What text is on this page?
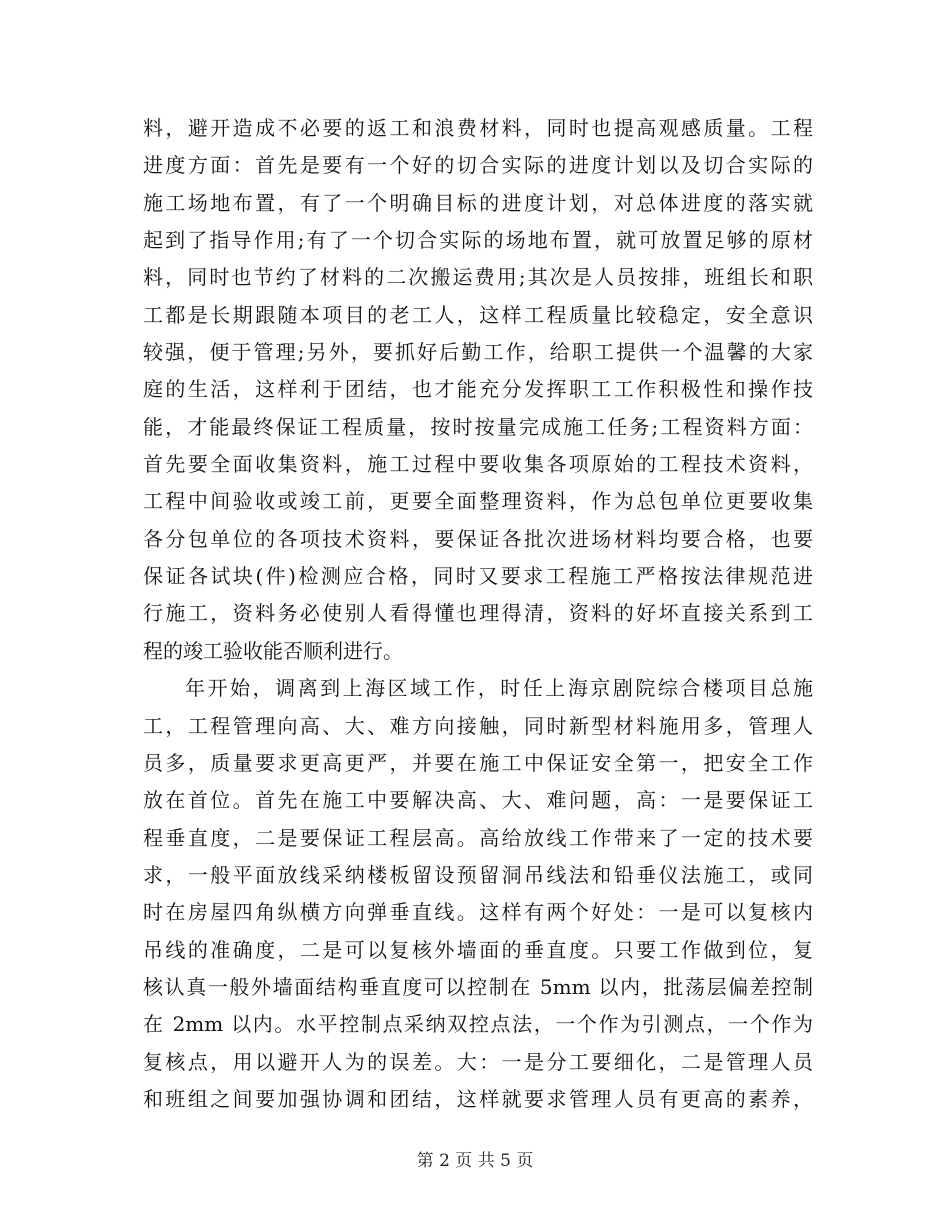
料，避开造成不必要的返工和浪费材料，同时也提高观感质量。工程
进度方面：首先是要有一个好的切合实际的进度计划以及切合实际的
施工场地布置，有了一个明确目标的进度计划，对总体进度的落实就
起到了指导作用;有了一个切合实际的场地布置，就可放置足够的原材
料，同时也节约了材料的二次搬运费用;其次是人员按排，班组长和职
工都是长期跟随本项目的老工人，这样工程质量比较稳定，安全意识
较强，便于管理;另外，要抓好后勤工作，给职工提供一个温馨的大家
庭的生活，这样利于团结，也才能充分发挥职工工作积极性和操作技
能，才能最终保证工程质量，按时按量完成施工任务;工程资料方面：
首先要全面收集资料，施工过程中要收集各项原始的工程技术资料，
工程中间验收或竣工前，更要全面整理资料，作为总包单位更要收集
各分包单位的各项技术资料，要保证各批次进场材料均要合格，也要
保证各试块(件)检测应合格，同时又要求工程施工严格按法律规范进
行施工，资料务必使别人看得懂也理得清，资料的好坏直接关系到工
程的竣工验收能否顺利进行。
年开始，调离到上海区域工作，时任上海京剧院综合楼项目总施
工，工程管理向高、大、难方向接触，同时新型材料施用多，管理人
员多，质量要求更高更严，并要在施工中保证安全第一，把安全工作
放在首位。首先在施工中要解决高、大、难问题，高：一是要保证工
程垂直度，二是要保证工程层高。高给放线工作带来了一定的技术要
求，一般平面放线采纳楼板留设预留洞吊线法和铅垂仪法施工，或同
时在房屋四角纵横方向弹垂直线。这样有两个好处：一是可以复核内
吊线的准确度，二是可以复核外墙面的垂直度。只要工作做到位，复
核认真一般外墙面结构垂直度可以控制在 5mm 以内，批荡层偏差控制
在 2mm 以内。水平控制点采纳双控点法，一个作为引测点，一个作为
复核点，用以避开人为的误差。大：一是分工要细化，二是管理人员
和班组之间要加强协调和团结，这样就要求管理人员有更高的素养，
第 2 页 共 5 页
